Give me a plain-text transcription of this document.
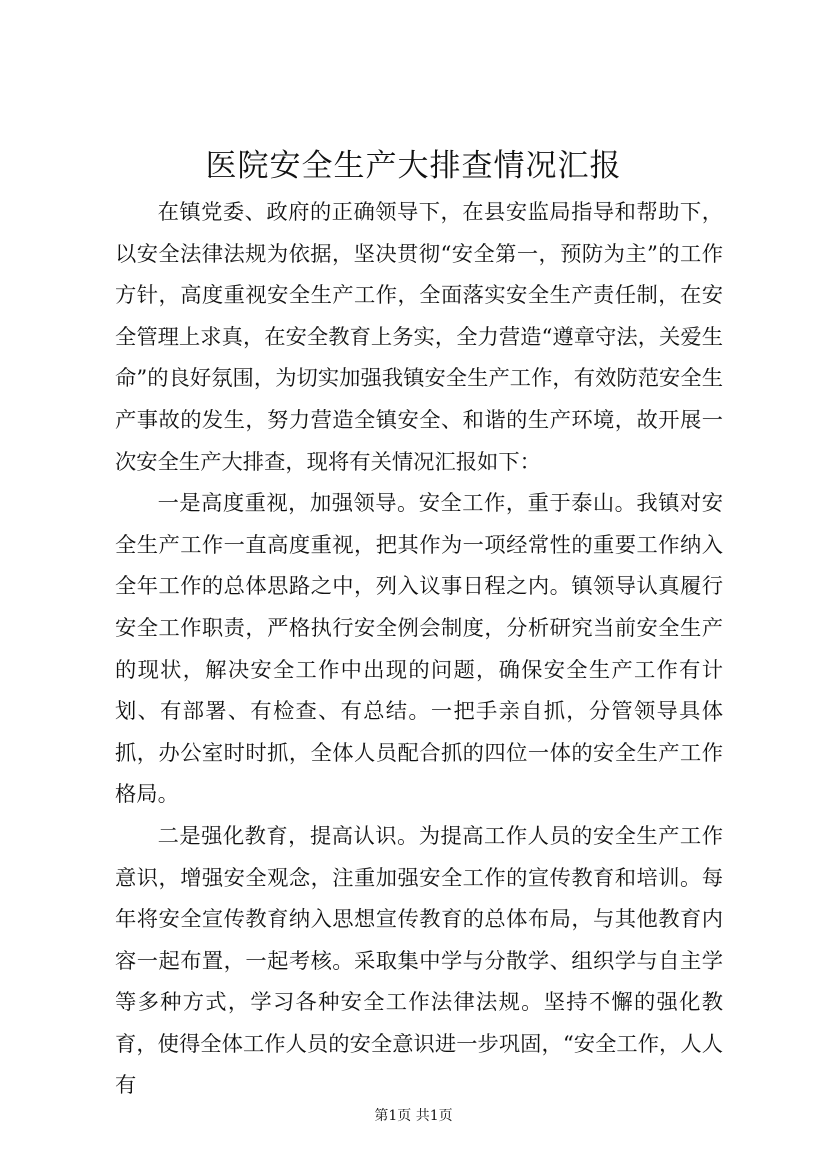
医院安全生产大排查情况汇报

在镇党委、政府的正确领导下，在县安监局指导和帮助下，以安全法律法规为依据，坚决贯彻“安全第一，预防为主”的工作方针，高度重视安全生产工作，全面落实安全生产责任制，在安全管理上求真，在安全教育上务实，全力营造“遵章守法，关爱生命”的良好氛围，为切实加强我镇安全生产工作，有效防范安全生产事故的发生，努力营造全镇安全、和谐的生产环境，故开展一次安全生产大排查，现将有关情况汇报如下：

一是高度重视，加强领导。安全工作，重于泰山。我镇对安全生产工作一直高度重视，把其作为一项经常性的重要工作纳入全年工作的总体思路之中，列入议事日程之内。镇领导认真履行安全工作职责，严格执行安全例会制度，分析研究当前安全生产的现状，解决安全工作中出现的问题，确保安全生产工作有计划、有部署、有检查、有总结。一把手亲自抓，分管领导具体抓，办公室时时抓，全体人员配合抓的四位一体的安全生产工作格局。

二是强化教育，提高认识。为提高工作人员的安全生产工作意识，增强安全观念，注重加强安全工作的宣传教育和培训。每年将安全宣传教育纳入思想宣传教育的总体布局，与其他教育内容一起布置，一起考核。采取集中学与分散学、组织学与自主学等多种方式，学习各种安全工作法律法规。坚持不懈的强化教育，使得全体工作人员的安全意识进一步巩固，“安全工作，人人有

第1页 共1页
